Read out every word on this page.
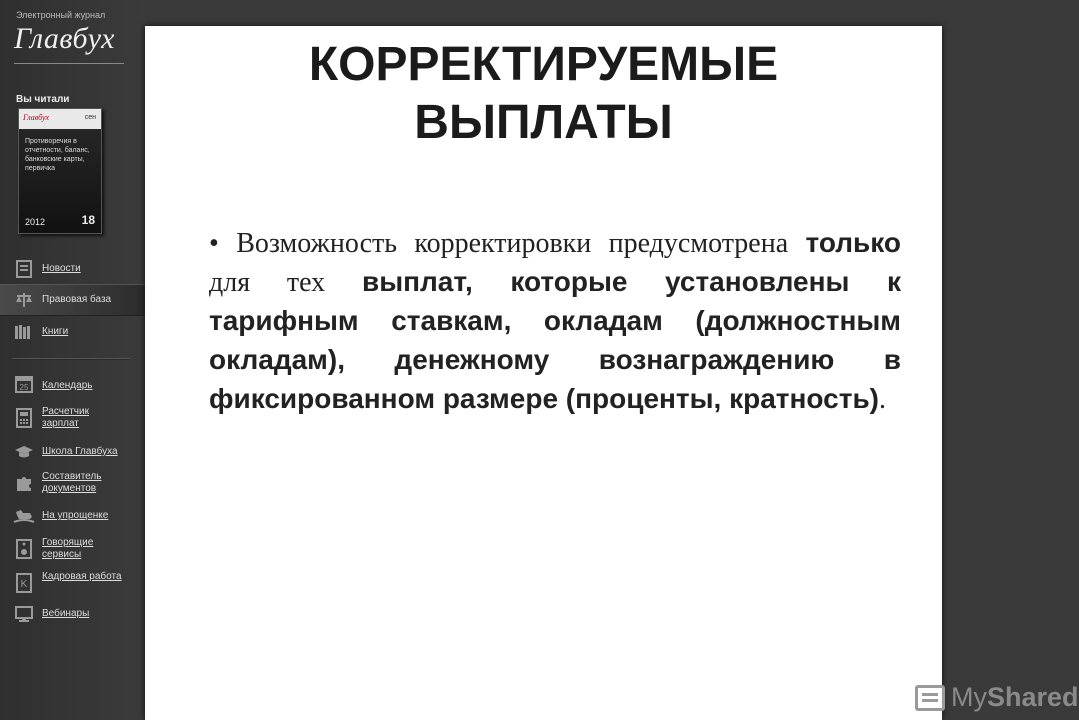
Электронный журнал
Главбух
Вы читали
Главбух	сен
Противоречия в отчетности, баланс, банковские карты, первичка
2012	18
Новости
Правовая база
Книги
25 Календарь
Расчетчик зарплат
Школа Главбуха
Составитель документов
На упрощенке
Говорящие сервисы
K
Кадровая работа
Вебинары
КОРРЕКТИРУЕМЫЕ
ВЫПЛАТЫ
• Возможность корректировки предусмотрена только для тех выплат, которые установлены к тарифным ставкам, окладам (должностным окладам), денежному вознаграждению в фиксированном размере (проценты, кратность).
MyShared
